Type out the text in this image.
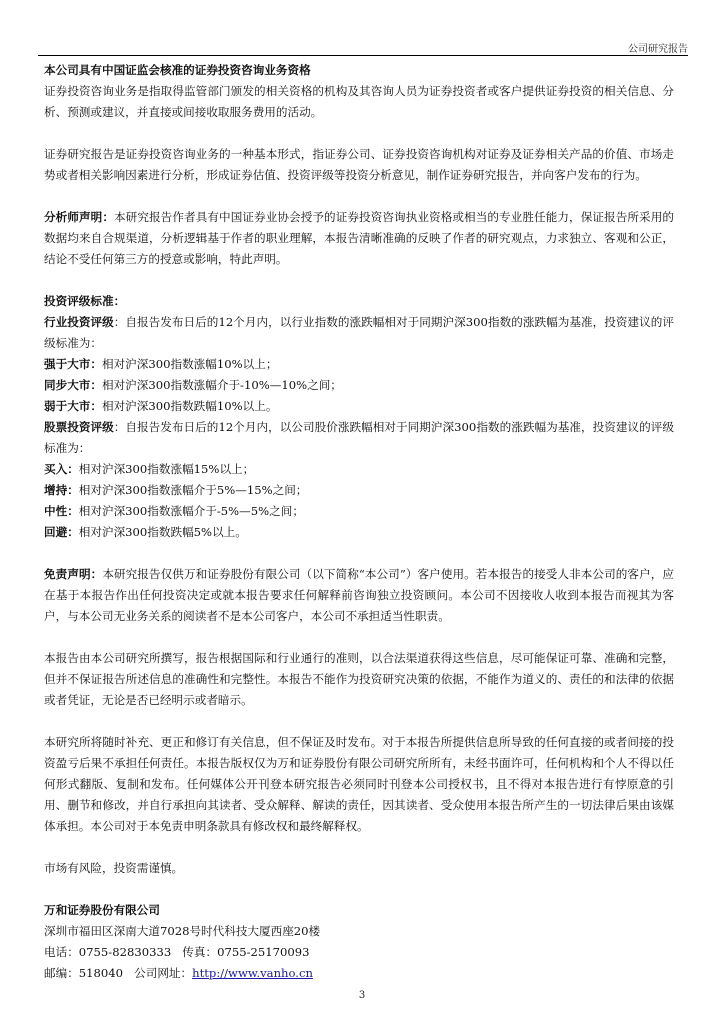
公司研究报告
本公司具有中国证监会核准的证券投资咨询业务资格

证券投资咨询业务是指取得监管部门颁发的相关资格的机构及其咨询人员为证券投资者或客户提供证券投资的相关信息、分析、预测或建议，并直接或间接收取服务费用的活动。

证券研究报告是证券投资咨询业务的一种基本形式，指证券公司、证券投资咨询机构对证券及证券相关产品的价值、市场走势或者相关影响因素进行分析，形成证券估值、投资评级等投资分析意见，制作证券研究报告，并向客户发布的行为。

分析师声明：本研究报告作者具有中国证券业协会授予的证券投资咨询执业资格或相当的专业胜任能力，保证报告所采用的数据均来自合规渠道，分析逻辑基于作者的职业理解，本报告清晰准确的反映了作者的研究观点，力求独立、客观和公正，结论不受任何第三方的授意或影响，特此声明。

投资评级标准：

行业投资评级：自报告发布日后的12个月内，以行业指数的涨跌幅相对于同期沪深300指数的涨跌幅为基准，投资建议的评级标准为：

强于大市：相对沪深300指数涨幅10%以上；
同步大市：相对沪深300指数涨幅介于-10%—10%之间；
弱于大市：相对沪深300指数跌幅10%以上。

股票投资评级：自报告发布日后的12个月内，以公司股价涨跌幅相对于同期沪深300指数的涨跌幅为基准，投资建议的评级标准为：

买入：相对沪深300指数涨幅15%以上；
增持：相对沪深300指数涨幅介于5%—15%之间；
中性：相对沪深300指数涨幅介于-5%—5%之间；
回避：相对沪深300指数跌幅5%以上。

免责声明：本研究报告仅供万和证券股份有限公司（以下简称“本公司”）客户使用。若本报告的接受人非本公司的客户，应在基于本报告作出任何投资决定或就本报告要求任何解释前咨询独立投资顾问。本公司不因接收人收到本报告而视其为客户，与本公司无业务关系的阅读者不是本公司客户，本公司不承担适当性职责。

本报告由本公司研究所撰写，报告根据国际和行业通行的准则，以合法渠道获得这些信息，尽可能保证可靠、准确和完整，但并不保证报告所述信息的准确性和完整性。本报告不能作为投资研究决策的依据，不能作为道义的、责任的和法律的依据或者凭证，无论是否已经明示或者暗示。

本研究所将随时补充、更正和修订有关信息，但不保证及时发布。对于本报告所提供信息所导致的任何直接的或者间接的投资盈亏后果不承担任何责任。本报告版权仅为万和证券股份有限公司研究所所有，未经书面许可，任何机构和个人不得以任何形式翻版、复制和发布。任何媒体公开刊登本研究报告必须同时刊登本公司授权书，且不得对本报告进行有悖原意的引用、删节和修改，并自行承担向其读者、受众解释、解读的责任，因其读者、受众使用本报告所产生的一切法律后果由该媒体承担。本公司对于本免责申明条款具有修改权和最终解释权。

市场有风险，投资需谨慎。

万和证券股份有限公司
深圳市福田区深南大道7028号时代科技大厦西座20楼
电话：0755-82830333 传真：0755-25170093
邮编：518040 公司网址：http://www.vanho.cn
3
